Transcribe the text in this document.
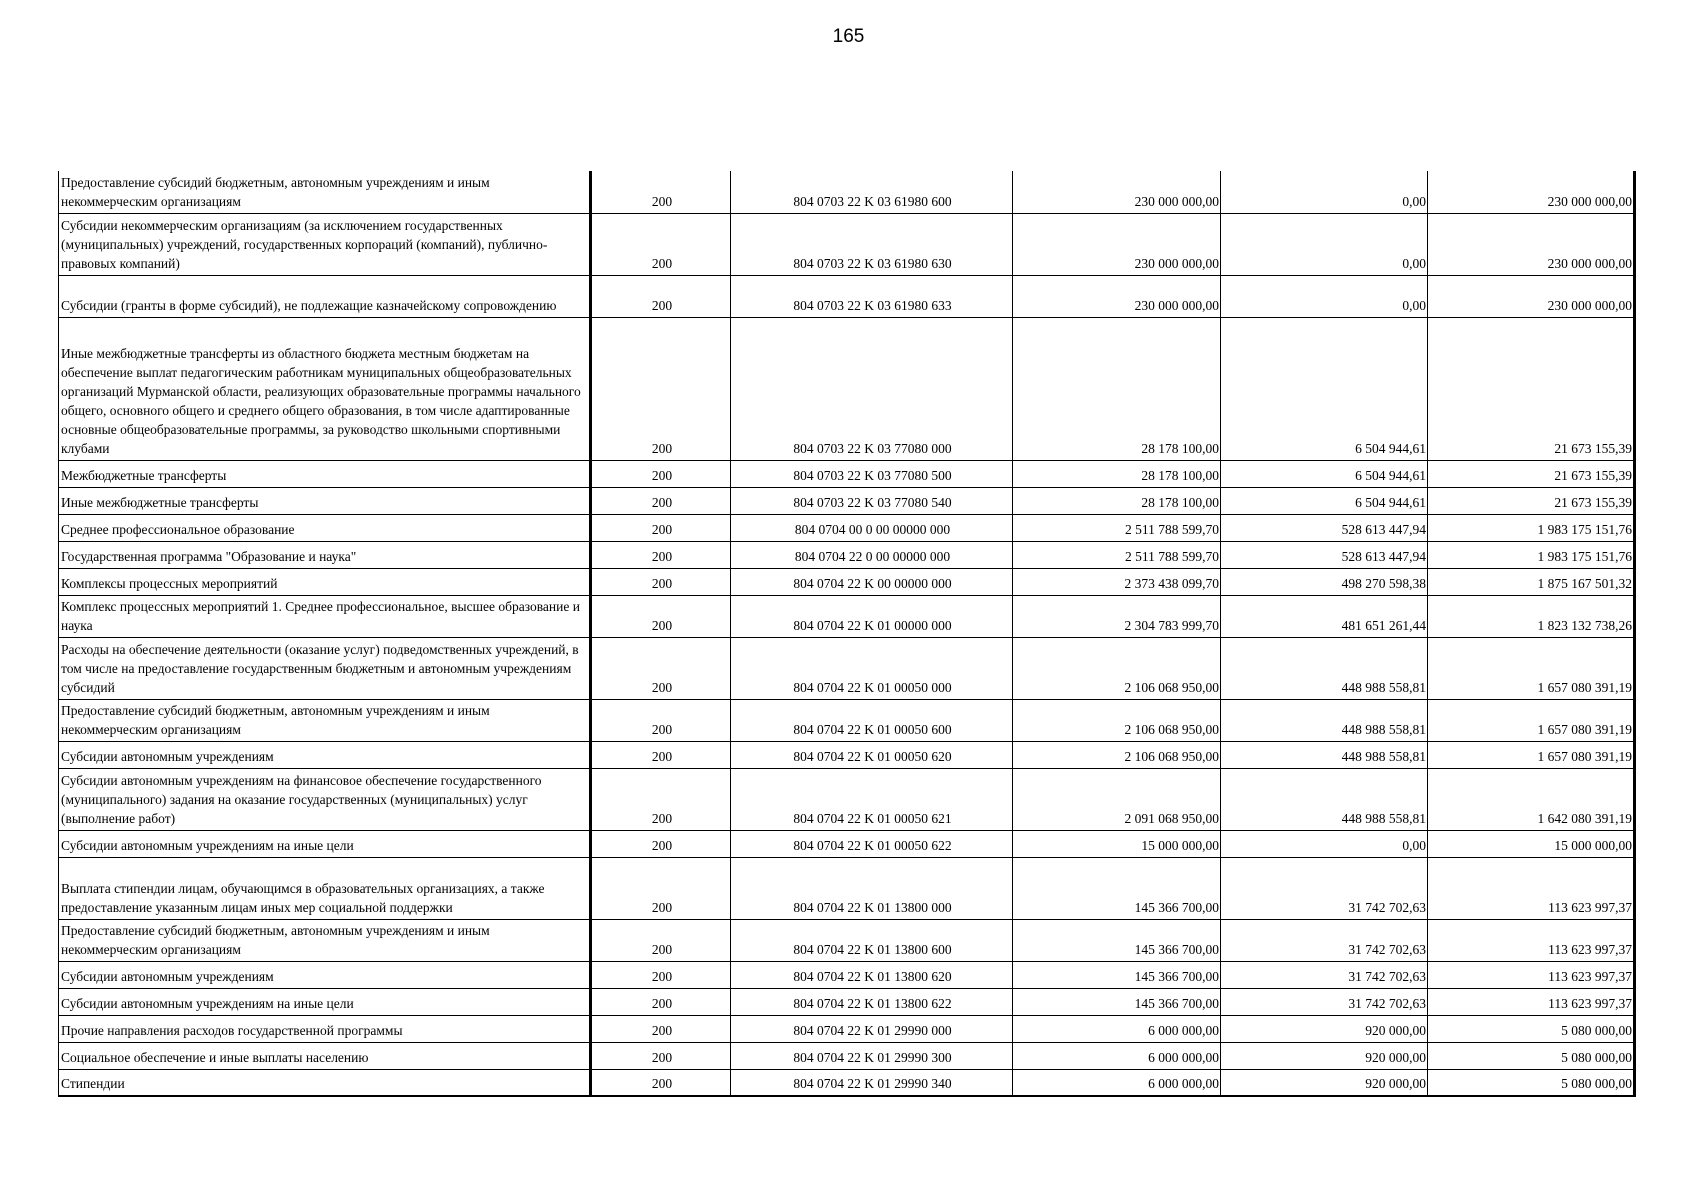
165
Предоставление субсидий бюджетным, автономным учреждениям и иным некоммерческим организациям	200	804 0703 22 K 03 61980 600	230 000 000,00	0,00	230 000 000,00
Субсидии некоммерческим организациям (за исключением государственных (муниципальных) учреждений, государственных корпораций (компаний), публично-правовых компаний)	200	804 0703 22 K 03 61980 630	230 000 000,00	0,00	230 000 000,00
Субсидии (гранты в форме субсидий), не подлежащие казначейскому сопровождению	200	804 0703 22 K 03 61980 633	230 000 000,00	0,00	230 000 000,00
Иные межбюджетные трансферты из областного бюджета местным бюджетам на обеспечение выплат педагогическим работникам муниципальных общеобразовательных организаций Мурманской области, реализующих образовательные программы начального общего, основного общего и среднего общего образования, в том числе адаптированные основные общеобразовательные программы, за руководство школьными спортивными клубами	200	804 0703 22 K 03 77080 000	28 178 100,00	6 504 944,61	21 673 155,39
Межбюджетные трансферты	200	804 0703 22 K 03 77080 500	28 178 100,00	6 504 944,61	21 673 155,39
Иные межбюджетные трансферты	200	804 0703 22 K 03 77080 540	28 178 100,00	6 504 944,61	21 673 155,39
Среднее профессиональное образование	200	804 0704 00 0 00 00000 000	2 511 788 599,70	528 613 447,94	1 983 175 151,76
Государственная программа "Образование и наука"	200	804 0704 22 0 00 00000 000	2 511 788 599,70	528 613 447,94	1 983 175 151,76
Комплексы процессных мероприятий	200	804 0704 22 K 00 00000 000	2 373 438 099,70	498 270 598,38	1 875 167 501,32
Комплекс процессных мероприятий 1. Среднее профессиональное, высшее образование и наука	200	804 0704 22 K 01 00000 000	2 304 783 999,70	481 651 261,44	1 823 132 738,26
Расходы на обеспечение деятельности (оказание услуг) подведомственных учреждений, в том числе на предоставление государственным бюджетным и автономным учреждениям субсидий	200	804 0704 22 K 01 00050 000	2 106 068 950,00	448 988 558,81	1 657 080 391,19
Предоставление субсидий бюджетным, автономным учреждениям и иным некоммерческим организациям	200	804 0704 22 K 01 00050 600	2 106 068 950,00	448 988 558,81	1 657 080 391,19
Субсидии автономным учреждениям	200	804 0704 22 K 01 00050 620	2 106 068 950,00	448 988 558,81	1 657 080 391,19
Субсидии автономным учреждениям на финансовое обеспечение государственного (муниципального) задания на оказание государственных (муниципальных) услуг (выполнение работ)	200	804 0704 22 K 01 00050 621	2 091 068 950,00	448 988 558,81	1 642 080 391,19
Субсидии автономным учреждениям на иные цели	200	804 0704 22 K 01 00050 622	15 000 000,00	0,00	15 000 000,00
Выплата стипендии лицам, обучающимся в образовательных организациях, а также предоставление указанным лицам иных мер социальной поддержки	200	804 0704 22 K 01 13800 000	145 366 700,00	31 742 702,63	113 623 997,37
Предоставление субсидий бюджетным, автономным учреждениям и иным некоммерческим организациям	200	804 0704 22 K 01 13800 600	145 366 700,00	31 742 702,63	113 623 997,37
Субсидии автономным учреждениям	200	804 0704 22 K 01 13800 620	145 366 700,00	31 742 702,63	113 623 997,37
Субсидии автономным учреждениям на иные цели	200	804 0704 22 K 01 13800 622	145 366 700,00	31 742 702,63	113 623 997,37
Прочие направления расходов государственной программы	200	804 0704 22 K 01 29990 000	6 000 000,00	920 000,00	5 080 000,00
Социальное обеспечение и иные выплаты населению	200	804 0704 22 K 01 29990 300	6 000 000,00	920 000,00	5 080 000,00
Стипендии	200	804 0704 22 K 01 29990 340	6 000 000,00	920 000,00	5 080 000,00
